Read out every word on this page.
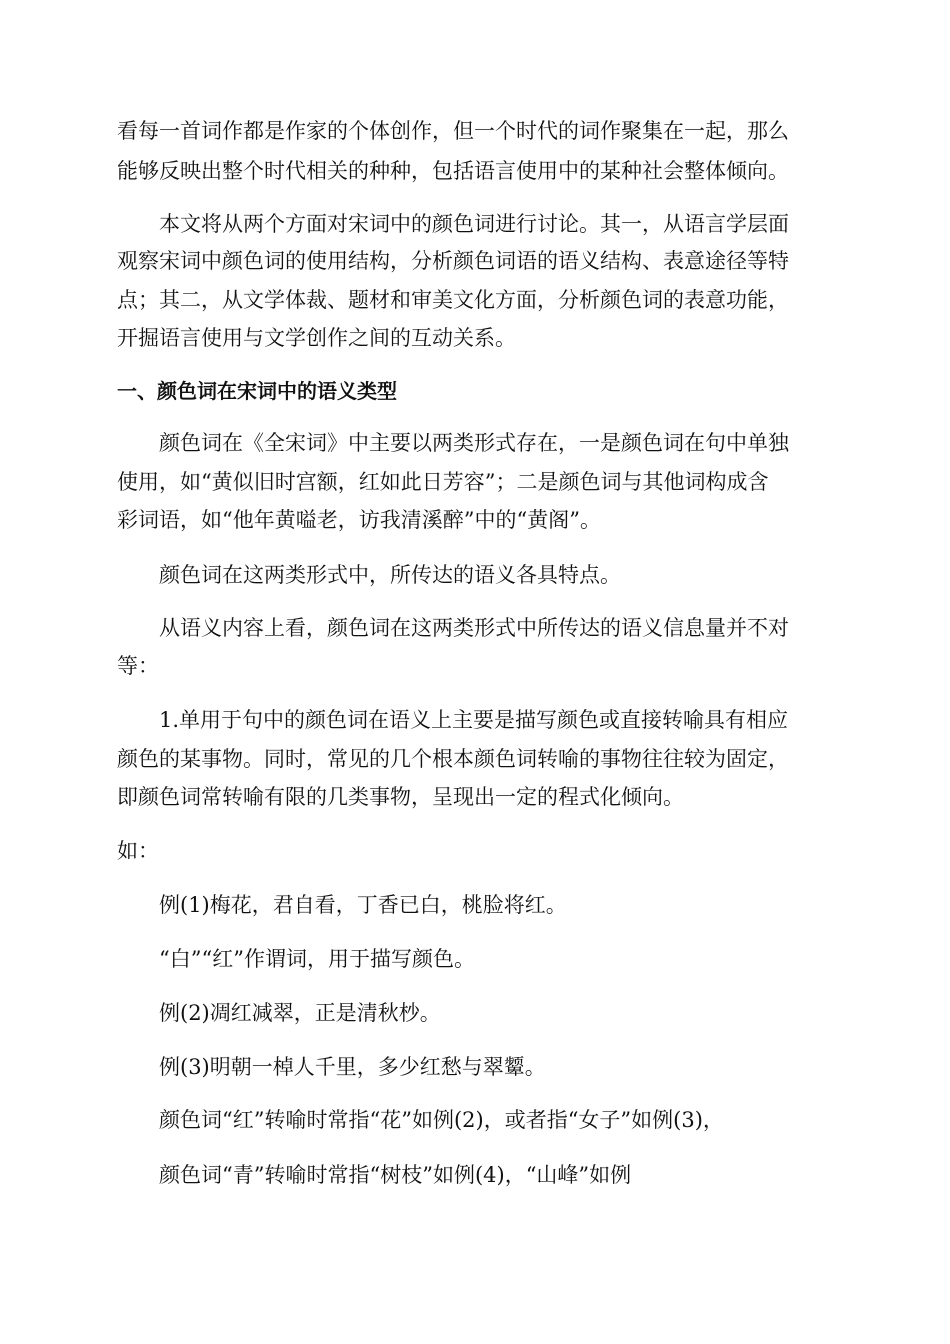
看每一首词作都是作家的个体创作，但一个时代的词作聚集在一起，那么
能够反映出整个时代相关的种种，包括语言使用中的某种社会整体倾向。
本文将从两个方面对宋词中的颜色词进行讨论。其一，从语言学层面
观察宋词中颜色词的使用结构，分析颜色词语的语义结构、表意途径等特
点；其二，从文学体裁、题材和审美文化方面，分析颜色词的表意功能，
开掘语言使用与文学创作之间的互动关系。
一、颜色词在宋词中的语义类型
颜色词在《全宋词》中主要以两类形式存在，一是颜色词在句中单独
使用，如“黄似旧时宫额，红如此日芳容”；二是颜色词与其他词构成含
彩词语，如“他年黄嗌老，访我清溪醉”中的“黄阁”。
颜色词在这两类形式中，所传达的语义各具特点。
从语义内容上看，颜色词在这两类形式中所传达的语义信息量并不对
等：
1.单用于句中的颜色词在语义上主要是描写颜色或直接转喻具有相应
颜色的某事物。同时，常见的几个根本颜色词转喻的事物往往较为固定，
即颜色词常转喻有限的几类事物，呈现出一定的程式化倾向。
如：
例(1)梅花，君自看，丁香已白，桃脸将红。
“白”“红”作谓词，用于描写颜色。
例(2)凋红减翠，正是清秋杪。
例(3)明朝一棹人千里，多少红愁与翠颦。
颜色词“红”转喻时常指“花”如例(2)，或者指“女子”如例(3)，
颜色词“青”转喻时常指“树枝”如例(4)，“山峰”如例
